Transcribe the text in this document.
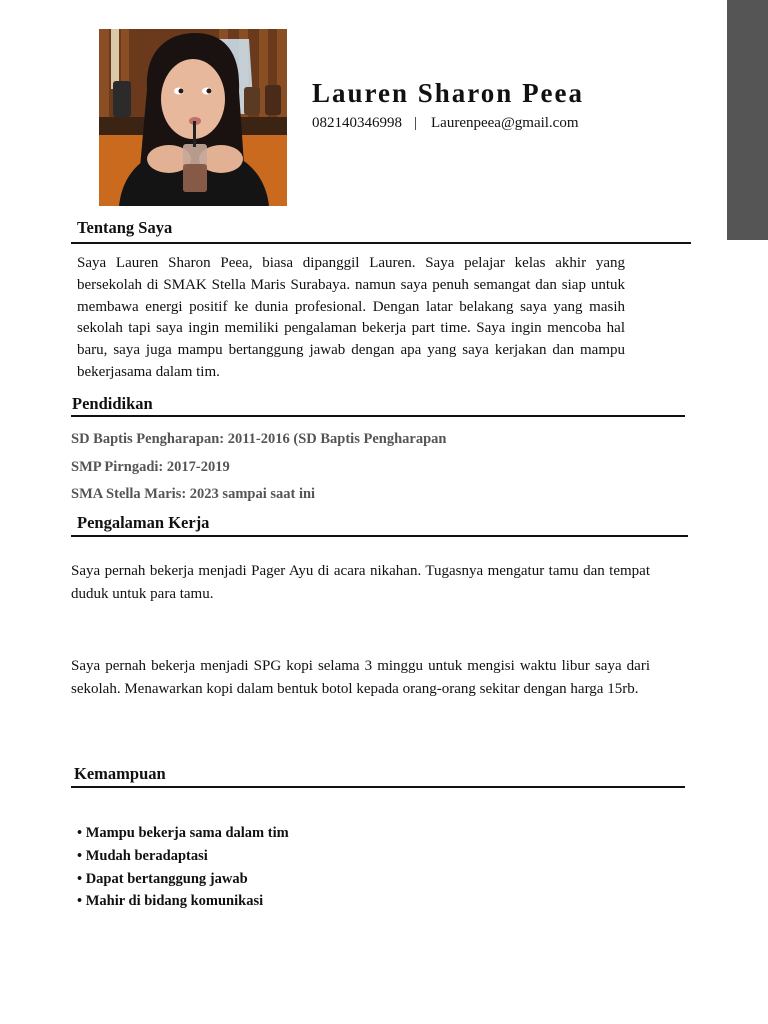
Lauren Sharon Peea
082140346998 | Laurenpeea@gmail.com
Tentang Saya
Saya Lauren Sharon Peea, biasa dipanggil Lauren. Saya pelajar kelas akhir yang bersekolah di SMAK Stella Maris Surabaya. namun saya penuh semangat dan siap untuk membawa energi positif ke dunia profesional. Dengan latar belakang saya yang masih sekolah tapi saya ingin memiliki pengalaman bekerja part time. Saya ingin mencoba hal baru, saya juga mampu bertanggung jawab dengan apa yang saya kerjakan dan mampu bekerjasama dalam tim.
Pendidikan
SD Baptis Pengharapan: 2011-2016 (SD Baptis Pengharapan
SMP Pirngadi: 2017-2019
SMA Stella Maris: 2023 sampai saat ini
Pengalaman Kerja
Saya pernah bekerja menjadi Pager Ayu di acara nikahan. Tugasnya mengatur tamu dan tempat duduk untuk para tamu.
Saya pernah bekerja menjadi SPG kopi selama 3 minggu untuk mengisi waktu libur saya dari sekolah. Menawarkan kopi dalam bentuk botol kepada orang-orang sekitar dengan harga 15rb.
Kemampuan
• Mampu bekerja sama dalam tim
• Mudah beradaptasi
• Dapat bertanggung jawab
• Mahir di bidang komunikasi
